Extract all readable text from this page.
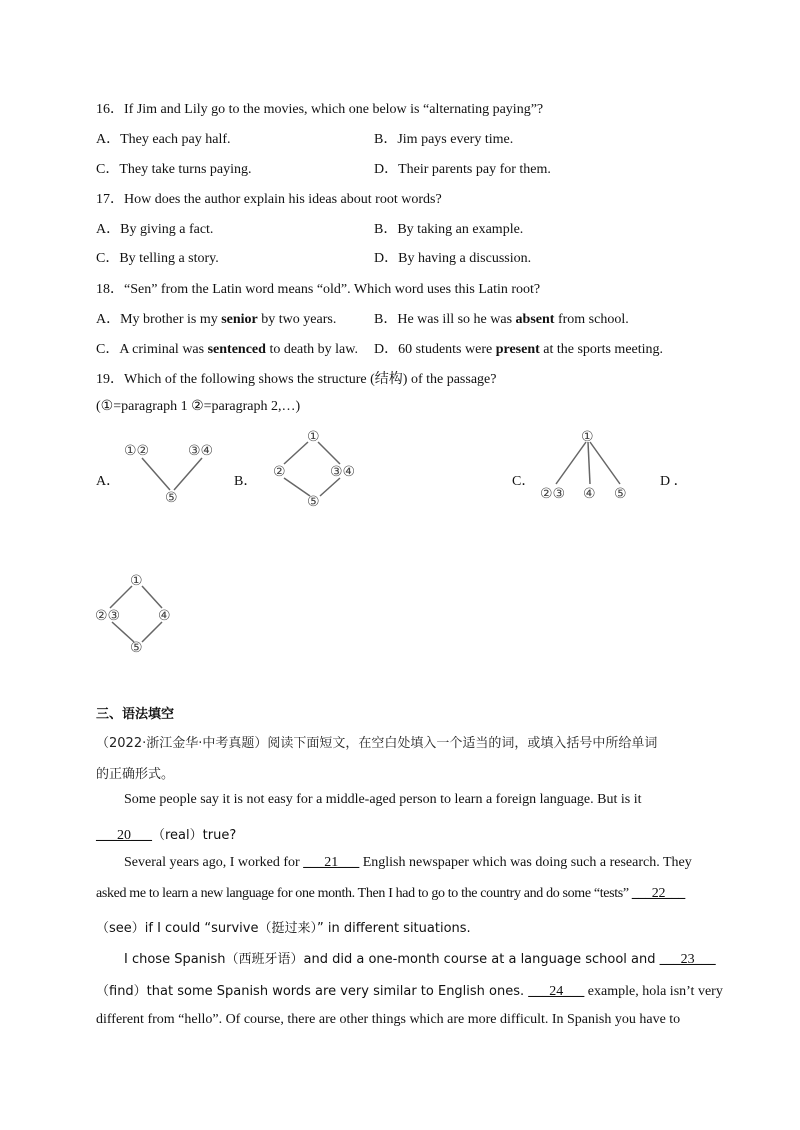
16．If Jim and Lily go to the movies, which one below is “alternating paying”?
A．They each pay half.	B．Jim pays every time.
C．They take turns paying.	D．Their parents pay for them.
17．How does the author explain his ideas about root words?
A．By giving a fact.	B．By taking an example.
C．By telling a story.	D．By having a discussion.
18．“Sen” from the Latin word means “old”. Which word uses this Latin root?
A．My brother is my senior by two years.	B．He was ill so he was absent from school.
C．A criminal was sentenced to death by law. D．60 students were present at the sports meeting.
19．Which of the following shows the structure (结构) of the passage?
(①=paragraph 1 ②=paragraph 2,…)
A．	B．	C．	D ．
①②	③④
⑤
①
②	③④
⑤
①
②③ ④ ⑤
①
②③	④
⑤
三、语法填空
（2022·浙江金华·中考真题）阅读下面短文，在空白处填入一个适当的词，或填入括号中所给单词
的正确形式。
Some people say it is not easy for a middle-aged person to learn a foreign language. But is it
___20___（real）true?
Several years ago, I worked for ___21___ English newspaper which was doing such a research. They
asked me to learn a new language for one month. Then I had to go to the country and do some “tests” ___22___
（see）if I could “survive（挺过来）” in different situations.
I chose Spanish（西班牙语）and did a one-month course at a language school and ___23___
（find）that some Spanish words are very similar to English ones. ___24___ example, hola isn’t very
different from “hello”. Of course, there are other things which are more difficult. In Spanish you have to
